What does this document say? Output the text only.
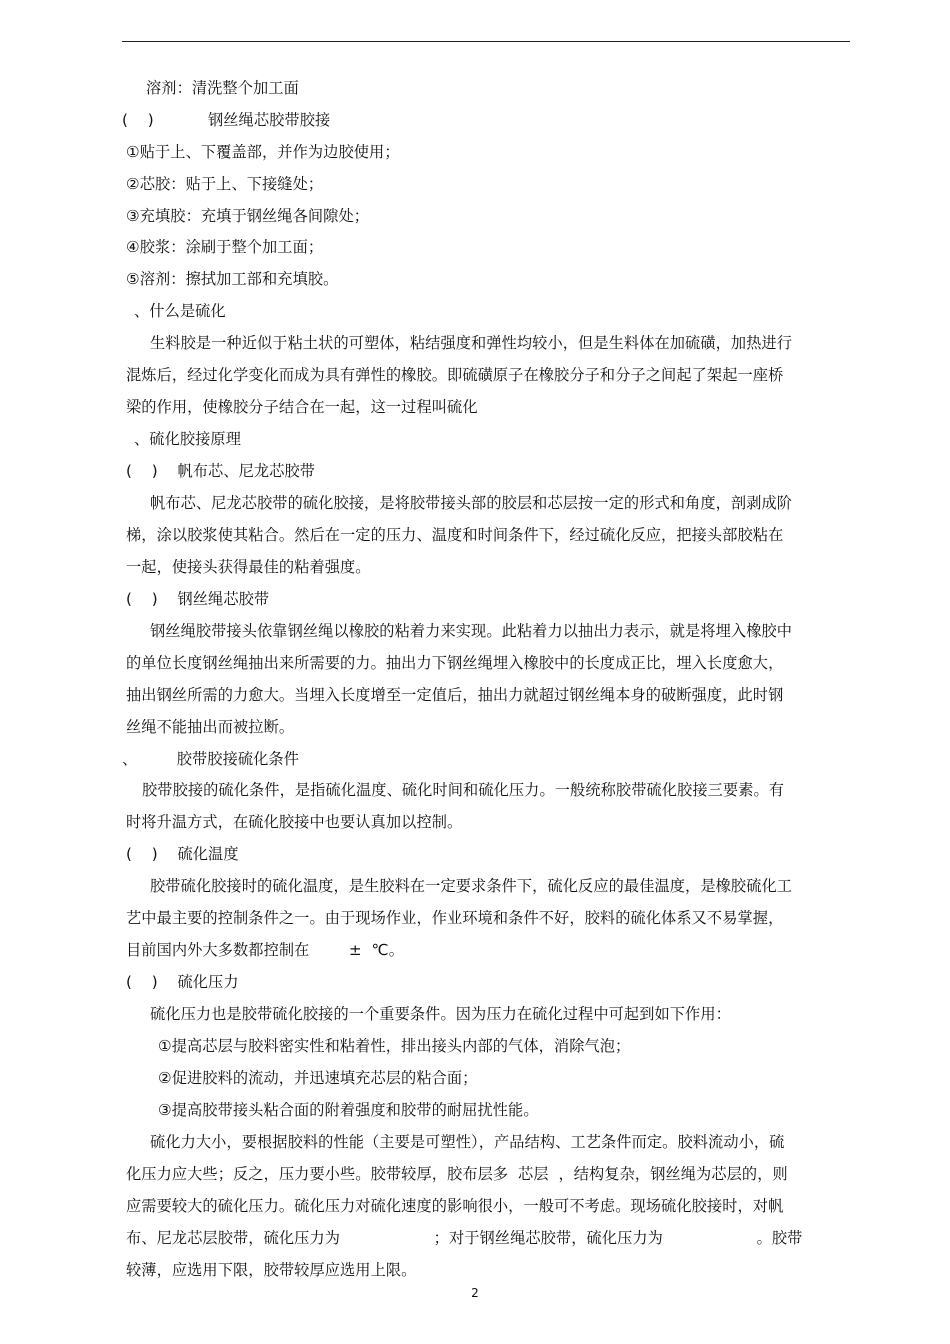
溶剂：清洗整个加工面
(    )           钢丝绳芯胶带胶接
①贴于上、下覆盖部，并作为边胶使用；
②芯胶：贴于上、下接缝处；
③充填胶：充填于钢丝绳各间隙处；
④胶浆：涂刷于整个加工面；
⑤溶剂：擦拭加工部和充填胶。
、什么是硫化
生料胶是一种近似于粘土状的可塑体，粘结强度和弹性均较小，但是生料体在加硫磺，加热进行
混炼后，经过化学变化而成为具有弹性的橡胶。即硫磺原子在橡胶分子和分子之间起了架起一座桥
梁的作用，使橡胶分子结合在一起，这一过程叫硫化
、硫化胶接原理
(    )    帆布芯、尼龙芯胶带
帆布芯、尼龙芯胶带的硫化胶接，是将胶带接头部的胶层和芯层按一定的形式和角度，剖剥成阶
梯，涂以胶浆使其粘合。然后在一定的压力、温度和时间条件下，经过硫化反应，把接头部胶粘在
一起，使接头获得最佳的粘着强度。
(    )    钢丝绳芯胶带
钢丝绳胶带接头依靠钢丝绳以橡胶的粘着力来实现。此粘着力以抽出力表示，就是将埋入橡胶中
的单位长度钢丝绳抽出来所需要的力。抽出力下钢丝绳埋入橡胶中的长度成正比，埋入长度愈大，
抽出钢丝所需的力愈大。当埋入长度增至一定值后，抽出力就超过钢丝绳本身的破断强度，此时钢
丝绳不能抽出而被拉断。
、        胶带胶接硫化条件
胶带胶接的硫化条件，是指硫化温度、硫化时间和硫化压力。一般统称胶带硫化胶接三要素。有
时将升温方式，在硫化胶接中也要认真加以控制。
(    )    硫化温度
胶带硫化胶接时的硫化温度，是生胶料在一定要求条件下，硫化反应的最佳温度，是橡胶硫化工
艺中最主要的控制条件之一。由于现场作业，作业环境和条件不好，胶料的硫化体系又不易掌握，
目前国内外大多数都控制在        ±  ℃。
(    )    硫化压力
硫化压力也是胶带硫化胶接的一个重要条件。因为压力在硫化过程中可起到如下作用：
①提高芯层与胶料密实性和粘着性，排出接头内部的气体，消除气泡；
②促进胶料的流动，并迅速填充芯层的粘合面；
③提高胶带接头粘合面的附着强度和胶带的耐屈扰性能。
硫化力大小，要根据胶料的性能（主要是可塑性），产品结构、工艺条件而定。胶料流动小，硫
化压力应大些；反之，压力要小些。胶带较厚，胶布层多  芯层  ，结构复杂，钢丝绳为芯层的，则
应需要较大的硫化压力。硫化压力对硫化速度的影响很小，一般可不考虑。现场硫化胶接时，对帆
布、尼龙芯层胶带，硫化压力为                   ；对于钢丝绳芯胶带，硫化压力为                   。胶带
较薄，应选用下限，胶带较厚应选用上限。
2
